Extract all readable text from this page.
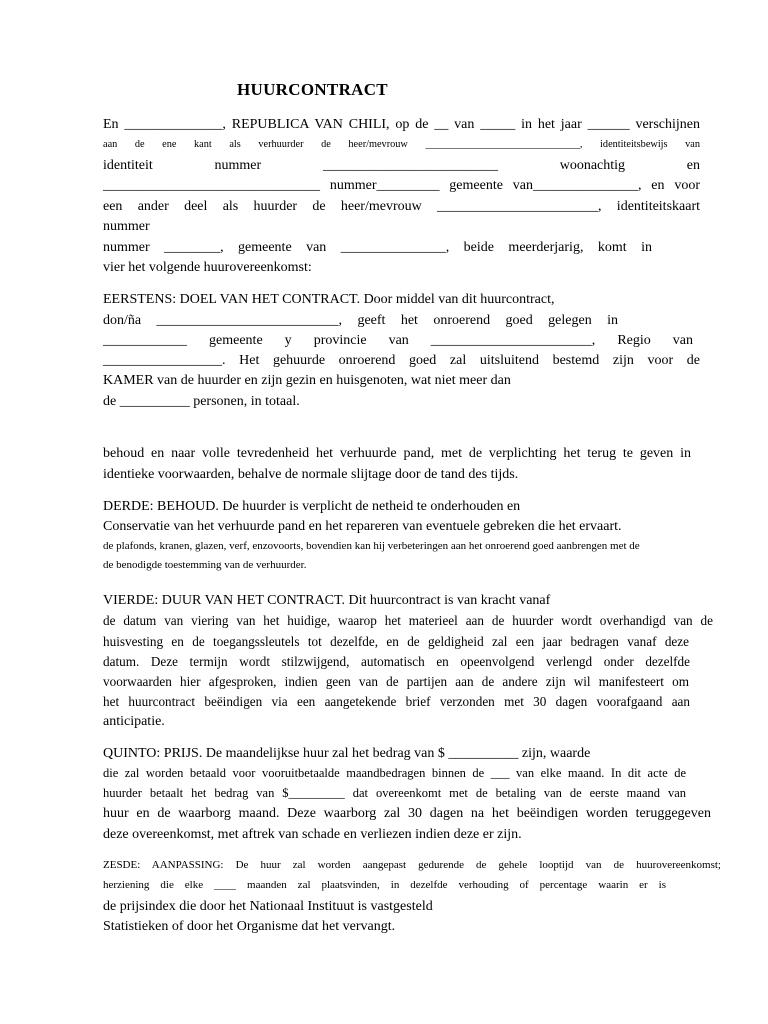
HUURCONTRACT
En ______________, REPUBLICA VAN CHILI, op de __ van _____ in het jaar ______ verschijnen
aan de ene kant als verhuurder de heer/mevrouw ______________________________, identiteitsbewijs van
identiteit nummer _________________________ woonachtig en
_______________________________ nummer_________ gemeente van_______________, en voor
een ander deel als huurder de heer/mevrouw _______________________, identiteitskaart
nummer
nummer ________, gemeente van _______________, beide meerderjarig, komt in
vier het volgende huurovereenkomst:
EERSTENS: DOEL VAN HET CONTRACT. Door middel van dit huurcontract,
don/ña __________________________, geeft het onroerend goed gelegen in
____________ gemeente y provincie van _______________________, Regio van
_________________. Het gehuurde onroerend goed zal uitsluitend bestemd zijn voor de
KAMER van de huurder en zijn gezin en huisgenoten, wat niet meer dan
de __________ personen, in totaal.
behoud en naar volle tevredenheid het verhuurde pand, met de verplichting het terug te geven in
identieke voorwaarden, behalve de normale slijtage door de tand des tijds.
DERDE: BEHOUD. De huurder is verplicht de netheid te onderhouden en
Conservatie van het verhuurde pand en het repareren van eventuele gebreken die het ervaart.
de plafonds, kranen, glazen, verf, enzovoorts, bovendien kan hij verbeteringen aan het onroerend goed aanbrengen met de
de benodigde toestemming van de verhuurder.
VIERDE: DUUR VAN HET CONTRACT. Dit huurcontract is van kracht vanaf
de datum van viering van het huidige, waarop het materieel aan de huurder wordt overhandigd van de
huisvesting en de toegangssleutels tot dezelfde, en de geldigheid zal een jaar bedragen vanaf deze
datum. Deze termijn wordt stilzwijgend, automatisch en opeenvolgend verlengd onder dezelfde
voorwaarden hier afgesproken, indien geen van de partijen aan de andere zijn wil manifesteert om
het huurcontract beëindigen via een aangetekende brief verzonden met 30 dagen voorafgaand aan
anticipatie.
QUINTO: PRIJS. De maandelijkse huur zal het bedrag van $ __________ zijn, waarde
die zal worden betaald voor vooruitbetaalde maandbedragen binnen de ___ van elke maand. In dit acte de
huurder betaalt het bedrag van $_________ dat overeenkomt met de betaling van de eerste maand van
huur en de waarborg maand. Deze waarborg zal 30 dagen na het beëindigen worden teruggegeven
deze overeenkomst, met aftrek van schade en verliezen indien deze er zijn.
ZESDE: AANPASSING: De huur zal worden aangepast gedurende de gehele looptijd van de huurovereenkomst;
herziening die elke ____ maanden zal plaatsvinden, in dezelfde verhouding of percentage waarin er is
de prijsindex die door het Nationaal Instituut is vastgesteld
Statistieken of door het Organisme dat het vervangt.
